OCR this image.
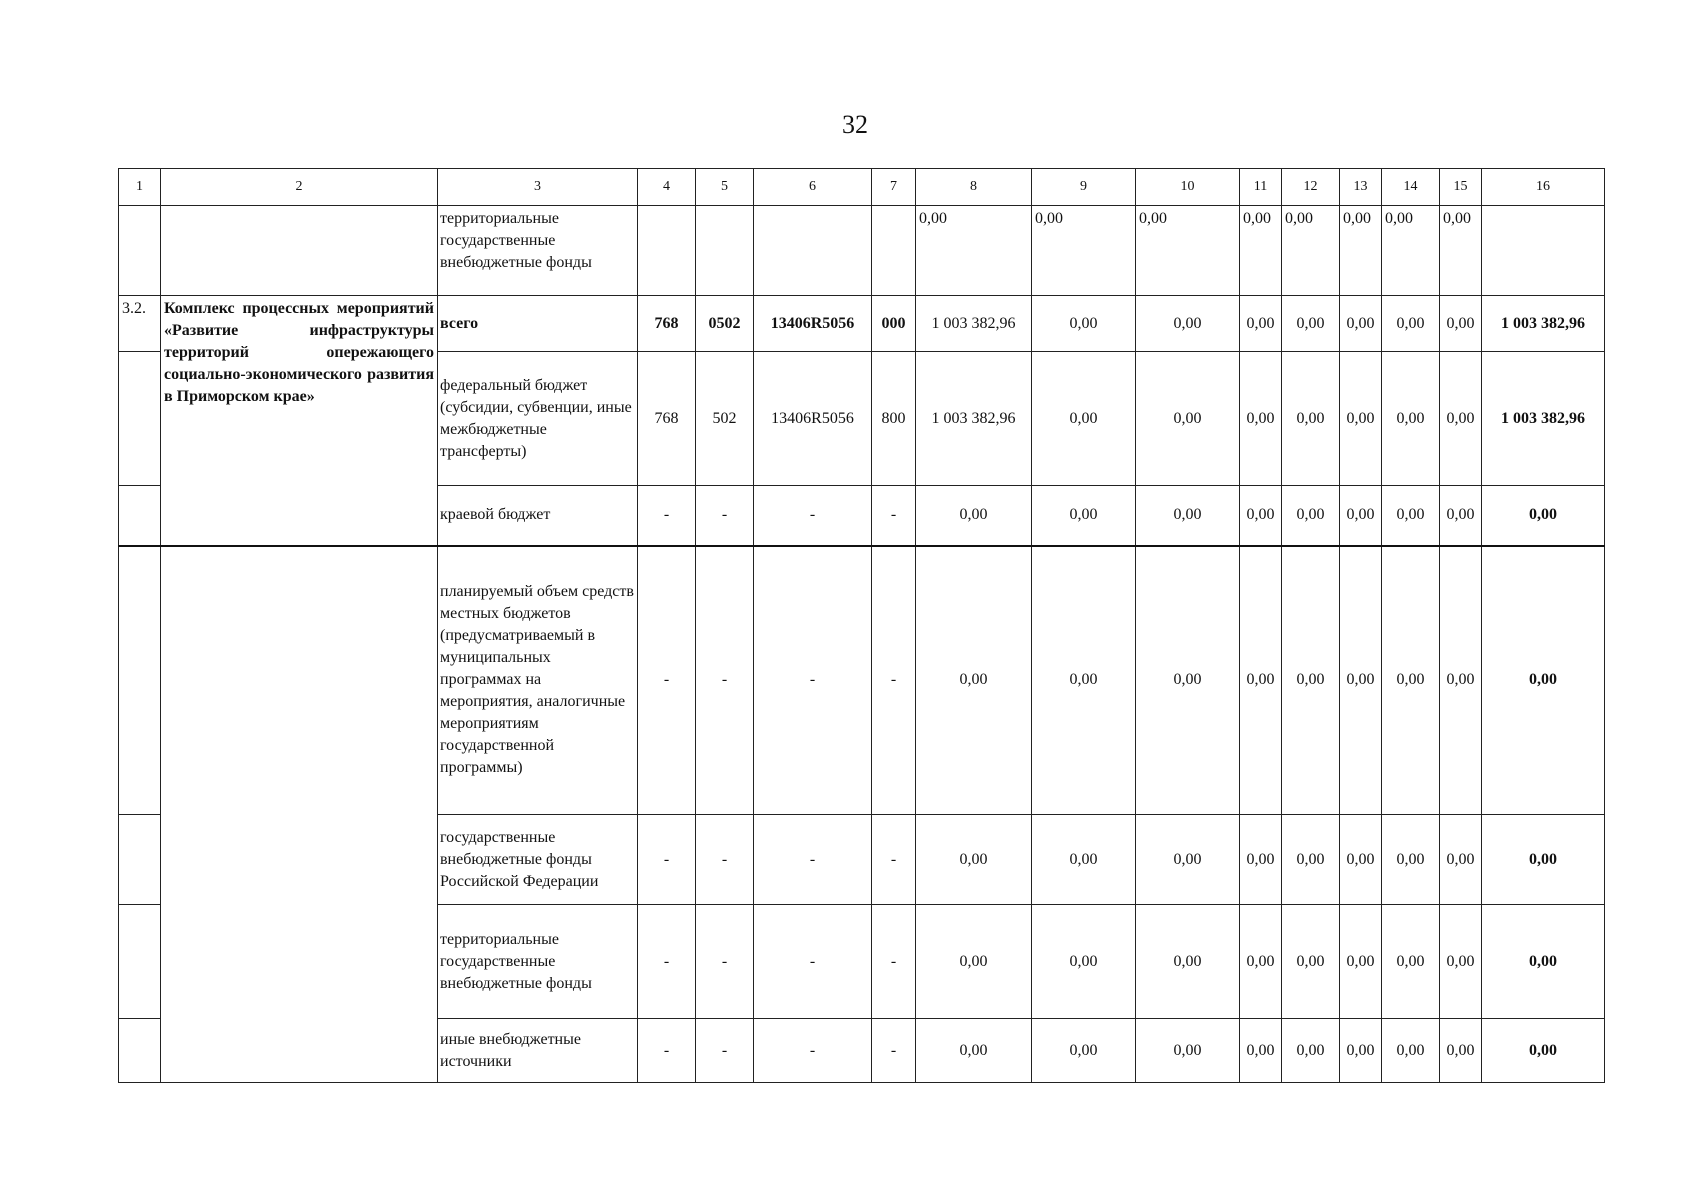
32
1	2	3	4	5	6	7	8	9	10	11	12	13	14	15	16
		территориальные государственные внебюджетные фонды					0,00	0,00	0,00	0,00	0,00	0,00	0,00	0,00	
3.2.	Комплекс процессных мероприятий «Развитие инфраструктуры территорий опережающего социально-экономического развития в Приморском крае»	всего	768	0502	13406R5056	000	1 003 382,96	0,00	0,00	0,00	0,00	0,00	0,00	0,00	1 003 382,96
		федеральный бюджет (субсидии, субвенции, иные межбюджетные трансферты)	768	502	13406R5056	800	1 003 382,96	0,00	0,00	0,00	0,00	0,00	0,00	0,00	1 003 382,96
		краевой бюджет	-	-	-	-	0,00	0,00	0,00	0,00	0,00	0,00	0,00	0,00	0,00
		планируемый объем средств местных бюджетов (предусматриваемый в муниципальных программах на мероприятия, аналогичные мероприятиям государственной программы)	-	-	-	-	0,00	0,00	0,00	0,00	0,00	0,00	0,00	0,00	0,00
		государственные внебюджетные фонды Российской Федерации	-	-	-	-	0,00	0,00	0,00	0,00	0,00	0,00	0,00	0,00	0,00
		территориальные государственные внебюджетные фонды	-	-	-	-	0,00	0,00	0,00	0,00	0,00	0,00	0,00	0,00	0,00
		иные внебюджетные источники	-	-	-	-	0,00	0,00	0,00	0,00	0,00	0,00	0,00	0,00	0,00
